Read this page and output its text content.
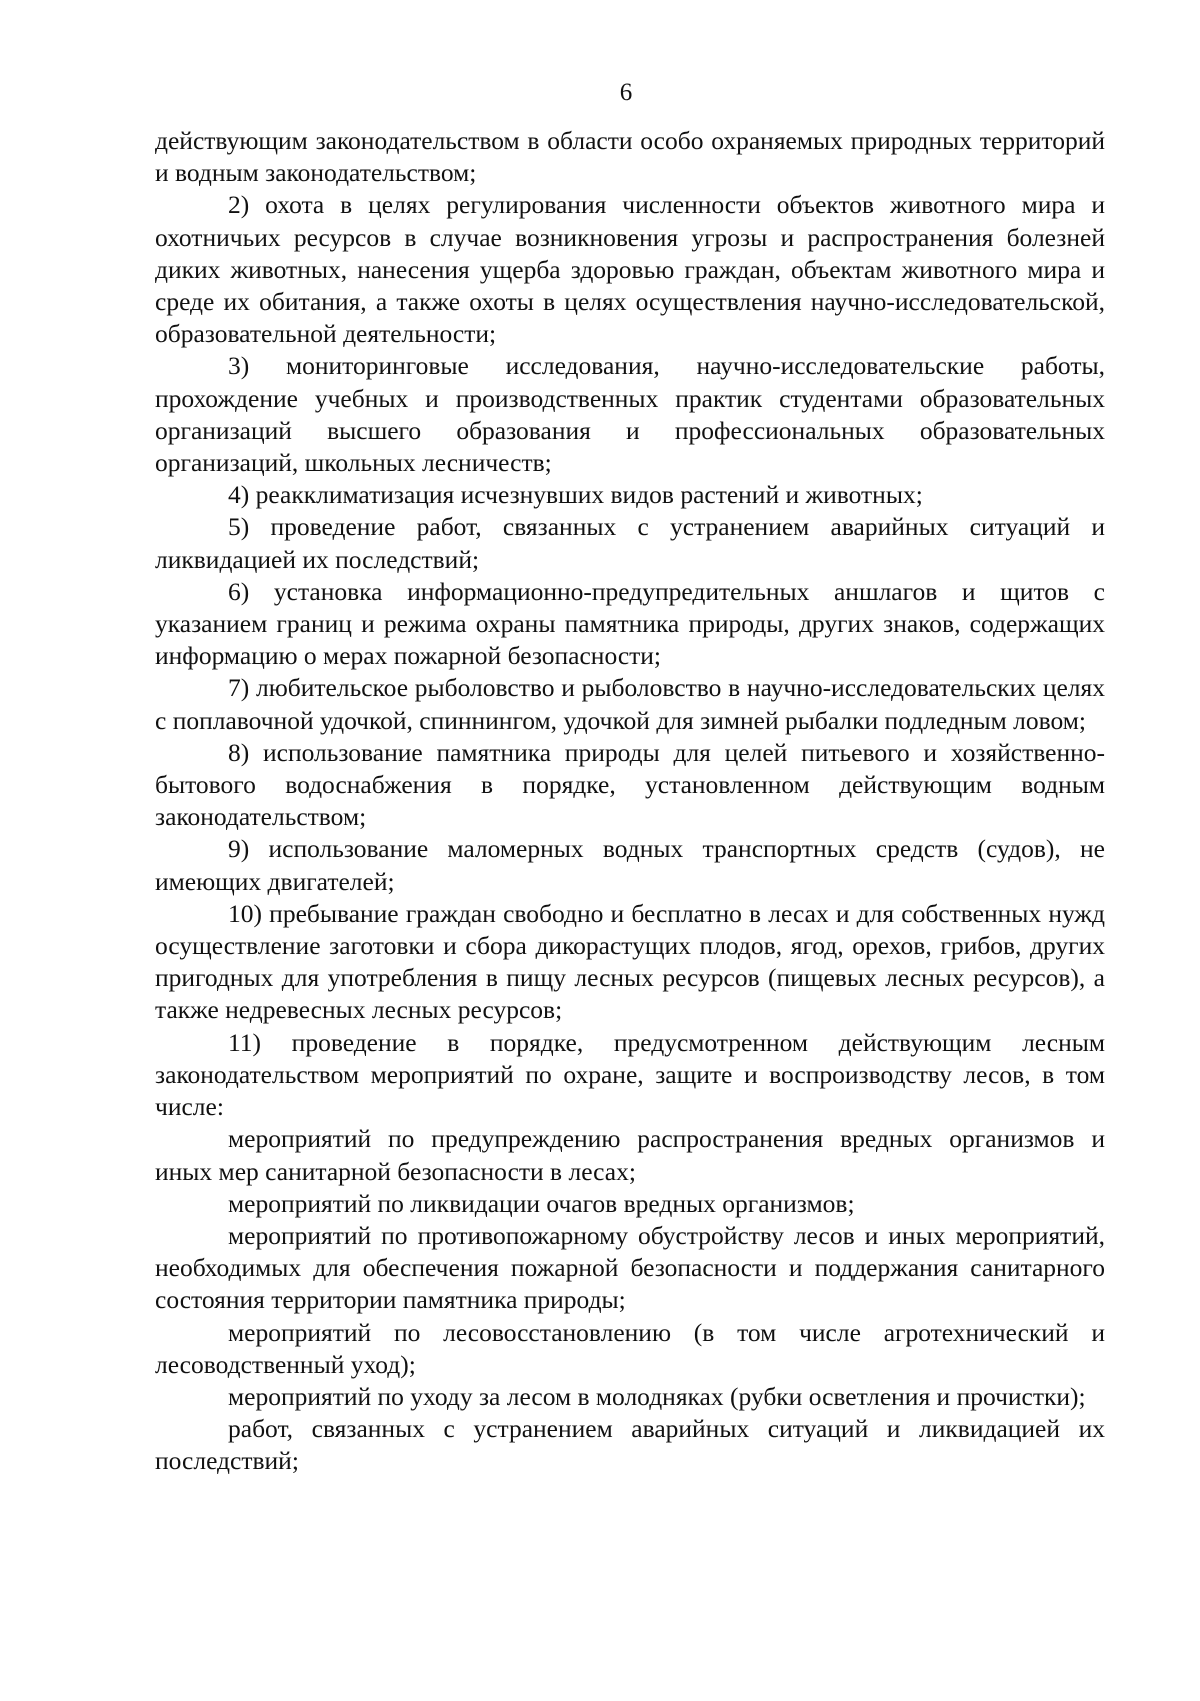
6

действующим законодательством в области особо охраняемых природных территорий и водным законодательством;

2) охота в целях регулирования численности объектов животного мира и охотничьих ресурсов в случае возникновения угрозы и распространения болезней диких животных, нанесения ущерба здоровью граждан, объектам животного мира и среде их обитания, а также охоты в целях осуществления научно-исследовательской, образовательной деятельности;

3) мониторинговые исследования, научно-исследовательские работы, прохождение учебных и производственных практик студентами образовательных организаций высшего образования и профессиональных образовательных организаций, школьных лесничеств;

4) реакклиматизация исчезнувших видов растений и животных;

5) проведение работ, связанных с устранением аварийных ситуаций и ликвидацией их последствий;

6) установка информационно-предупредительных аншлагов и щитов с указанием границ и режима охраны памятника природы, других знаков, содержащих информацию о мерах пожарной безопасности;

7) любительское рыболовство и рыболовство в научно-исследовательских целях с поплавочной удочкой, спиннингом, удочкой для зимней рыбалки подледным ловом;

8) использование памятника природы для целей питьевого и хозяйственно-бытового водоснабжения в порядке, установленном действующим водным законодательством;

9) использование маломерных водных транспортных средств (судов), не имеющих двигателей;

10) пребывание граждан свободно и бесплатно в лесах и для собственных нужд осуществление заготовки и сбора дикорастущих плодов, ягод, орехов, грибов, других пригодных для употребления в пищу лесных ресурсов (пищевых лесных ресурсов), а также недревесных лесных ресурсов;

11) проведение в порядке, предусмотренном действующим лесным законодательством мероприятий по охране, защите и воспроизводству лесов, в том числе:

мероприятий по предупреждению распространения вредных организмов и иных мер санитарной безопасности в лесах;

мероприятий по ликвидации очагов вредных организмов;

мероприятий по противопожарному обустройству лесов и иных мероприятий, необходимых для обеспечения пожарной безопасности и поддержания санитарного состояния территории памятника природы;

мероприятий по лесовосстановлению (в том числе агротехнический и лесоводственный уход);

мероприятий по уходу за лесом в молодняках (рубки осветления и прочистки);

работ, связанных с устранением аварийных ситуаций и ликвидацией их последствий;
